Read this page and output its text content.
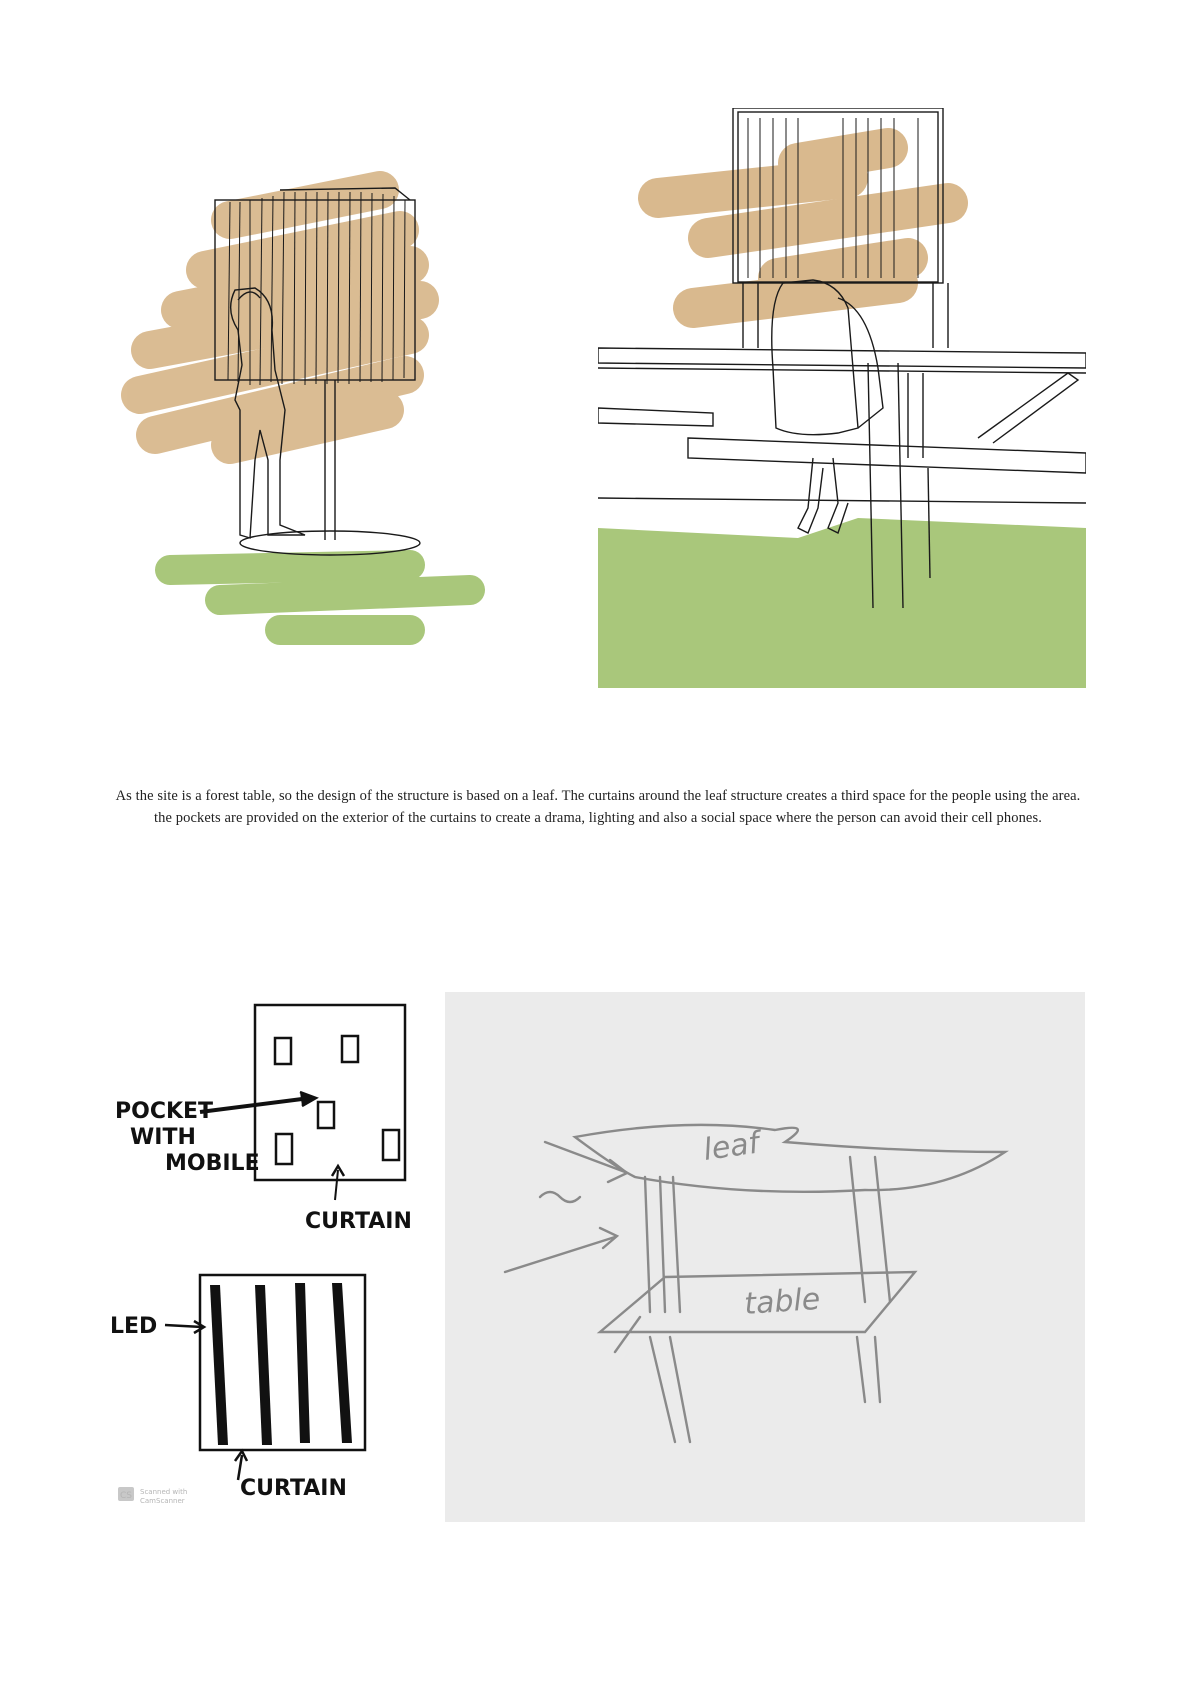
As the site is a forest table, so the design of the structure is based on a leaf. The curtains around the leaf structure creates a third space for the people using the area. the pockets are provided on the exterior of the curtains to create a drama, lighting and also a social space where the person can avoid their cell phones.
POCKET
WITH
MOBILE
CURTAIN
LED
CURTAIN
CS Scanned with
CamScanner
leaf
table
